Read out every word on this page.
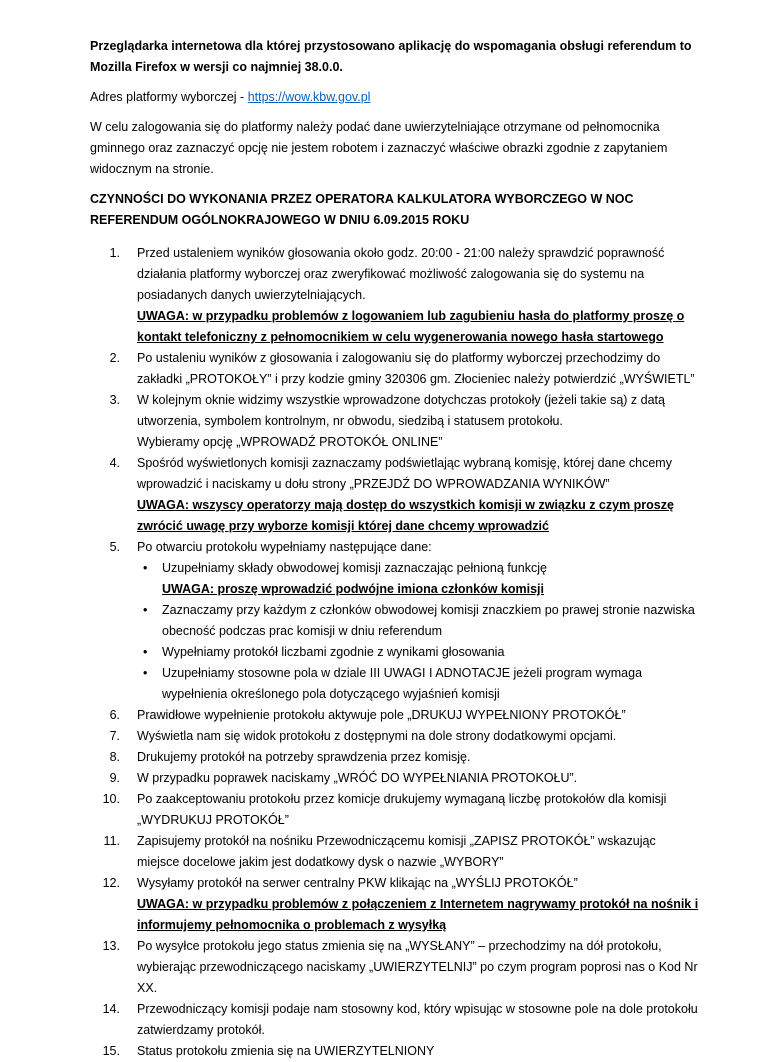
Przeglądarka internetowa dla której przystosowano aplikację do wspomagania obsługi referendum to Mozilla Firefox w wersji co najmniej 38.0.0.

Adres platformy wyborczej - https://wow.kbw.gov.pl

W celu zalogowania się do platformy należy podać dane uwierzytelniające otrzymane od pełnomocnika gminnego oraz zaznaczyć opcję nie jestem robotem i zaznaczyć właściwe obrazki zgodnie z zapytaniem widocznym na stronie.

CZYNNOŚCI DO WYKONANIA PRZEZ OPERATORA KALKULATORA WYBORCZEGO W NOC REFERENDUM OGÓLNOKRAJOWEGO W DNIU 6.09.2015 ROKU

1. Przed ustaleniem wyników głosowania około godz. 20:00 - 21:00 należy sprawdzić poprawność działania platformy wyborczej oraz zweryfikować możliwość zalogowania się do systemu na posiadanych danych uwierzytelniających.
UWAGA: w przypadku problemów z logowaniem lub zagubieniu hasła do platformy proszę o kontakt telefoniczny z pełnomocnikiem w celu wygenerowania nowego hasła startowego
2. Po ustaleniu wyników z głosowania i zalogowaniu się do platformy wyborczej przechodzimy do zakładki „PROTOKOŁY” i przy kodzie gminy 320306 gm. Złocieniec należy potwierdzić „WYŚWIETL”
3. W kolejnym oknie widzimy wszystkie wprowadzone dotychczas protokoły (jeżeli takie są) z datą utworzenia, symbolem kontrolnym, nr obwodu, siedzibą i statusem protokołu.
Wybieramy opcję „WPROWADŹ PROTOKÓŁ ONLINE”
4. Spośród wyświetlonych komisji zaznaczamy podświetlając wybraną komisję, której dane chcemy wprowadzić i naciskamy u dołu strony „PRZEJDŹ DO WPROWADZANIA WYNIKÓW”
UWAGA: wszyscy operatorzy mają dostęp do wszystkich komisji w związku z czym proszę zwrócić uwagę przy wyborze komisji której dane chcemy wprowadzić
5. Po otwarciu protokołu wypełniamy następujące dane:
• Uzupełniamy składy obwodowej komisji zaznaczając pełnioną funkcję
UWAGA: proszę wprowadzić podwójne imiona członków komisji
• Zaznaczamy przy każdym z członków obwodowej komisji znaczkiem po prawej stronie nazwiska obecność podczas prac komisji w dniu referendum
• Wypełniamy protokół liczbami zgodnie z wynikami głosowania
• Uzupełniamy stosowne pola w dziale III UWAGI I ADNOTACJE jeżeli program wymaga wypełnienia określonego pola dotyczącego wyjaśnień komisji
6. Prawidłowe wypełnienie protokołu aktywuje pole „DRUKUJ WYPEŁNIONY PROTOKÓŁ”
7. Wyświetla nam się widok protokołu z dostępnymi na dole strony dodatkowymi opcjami.
8. Drukujemy protokół na potrzeby sprawdzenia przez komisję.
9. W przypadku poprawek naciskamy „WRÓĆ DO WYPEŁNIANIA PROTOKOŁU”.
10. Po zaakceptowaniu protokołu przez komicje drukujemy wymaganą liczbę protokołów dla komisji „WYDRUKUJ PROTOKÓŁ”
11. Zapisujemy protokół na nośniku Przewodniczącemu komisji „ZAPISZ PROTOKÓŁ” wskazując miejsce docelowe jakim jest dodatkowy dysk o nazwie „WYBORY”
12. Wysyłamy protokół na serwer centralny PKW klikając na „WYŚLIJ PROTOKÓŁ”
UWAGA: w przypadku problemów z połączeniem z Internetem nagrywamy protokół na nośnik i informujemy pełnomocnika o problemach z wysyłką
13. Po wysyłce protokołu jego status zmienia się na „WYSŁANY” – przechodzimy na dół protokołu, wybierając przewodniczącego naciskamy „UWIERZYTELNIJ” po czym program poprosi nas o Kod Nr XX.
14. Przewodniczący komisji podaje nam stosowny kod, który wpisując w stosowne pole na dole protokołu zatwierdzamy protokół.
15. Status protokołu zmienia się na UWIERZYTELNIONY
